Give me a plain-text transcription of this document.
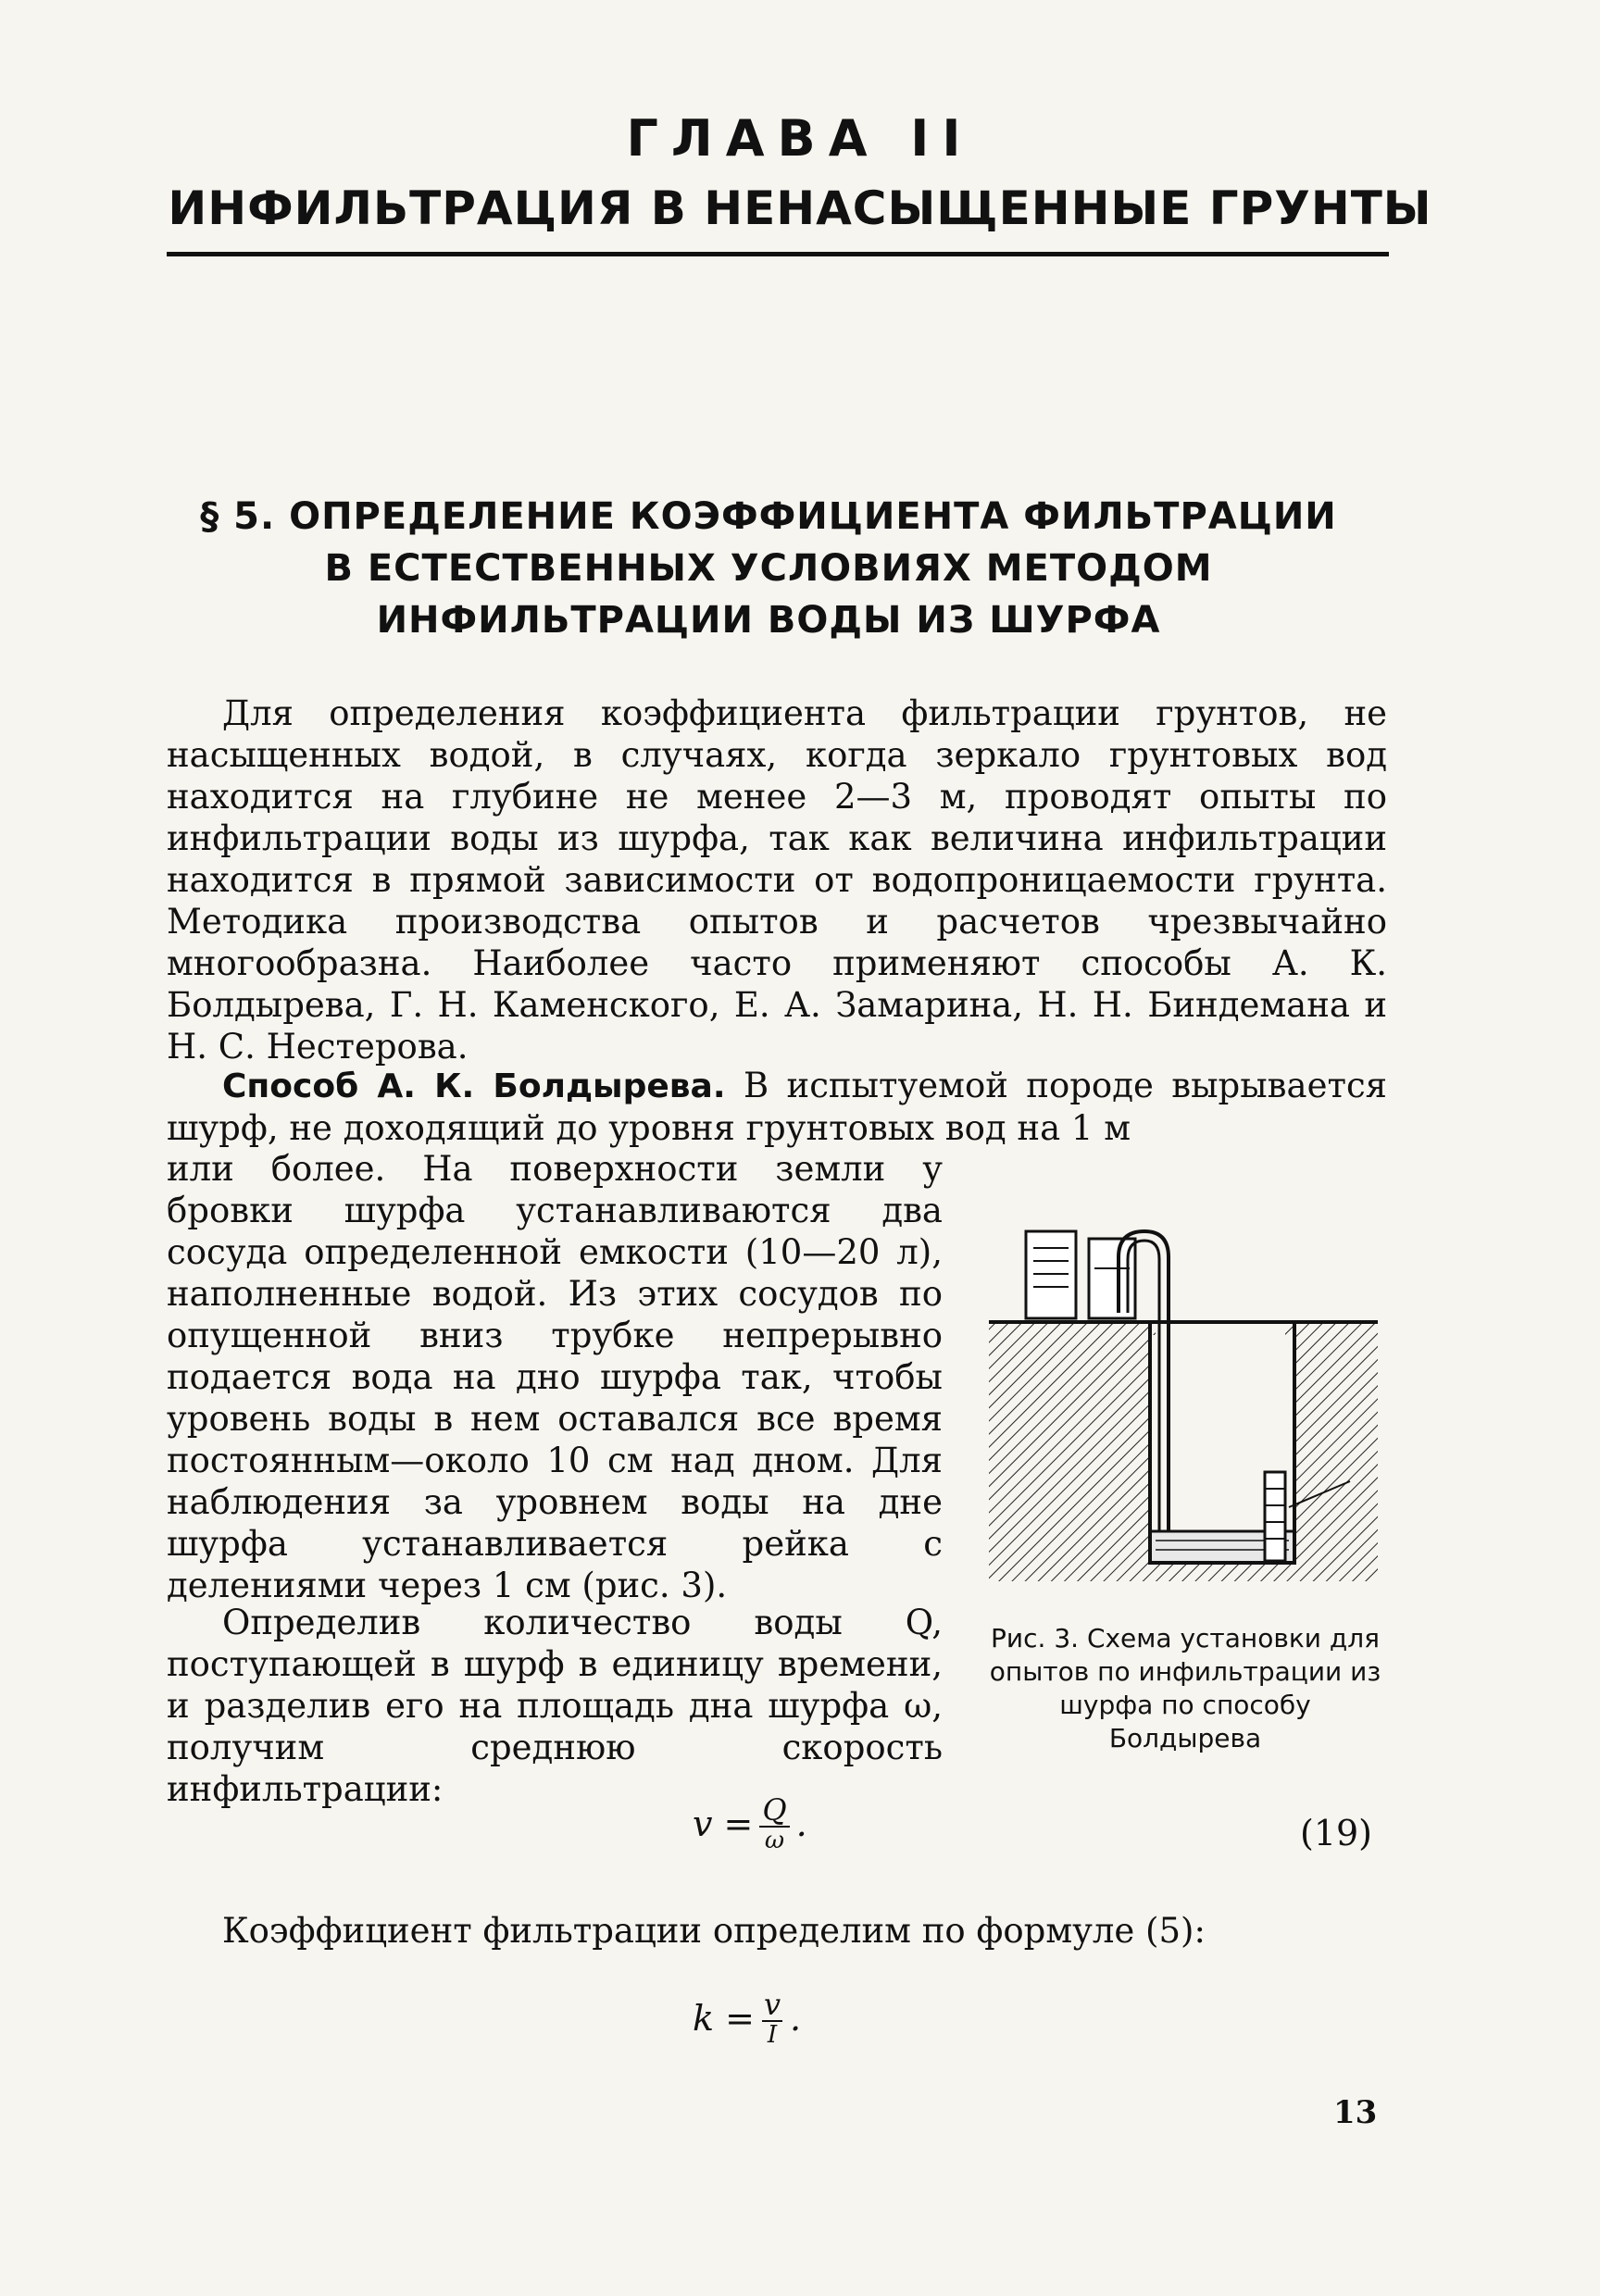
ГЛАВА II
ИНФИЛЬТРАЦИЯ В НЕНАСЫЩЕННЫЕ ГРУНТЫ
§ 5. ОПРЕДЕЛЕНИЕ КОЭФФИЦИЕНТА ФИЛЬТРАЦИИ
В ЕСТЕСТВЕННЫХ УСЛОВИЯХ МЕТОДОМ
ИНФИЛЬТРАЦИИ ВОДЫ ИЗ ШУРФА
Для определения коэффициента фильтрации грунтов, не насыщенных водой, в случаях, когда зеркало грунтовых вод находится на глубине не менее 2—3 м, проводят опыты по инфильтрации воды из шурфа, так как величина инфильтрации находится в прямой зависимости от водопроницаемости грунта. Методика производства опытов и расчетов чрезвычайно многообразна. Наиболее часто применяют способы А. К. Болдырева, Г. Н. Каменского, Е. А. Замарина, Н. Н. Биндемана и Н. С. Нестерова.
Способ А. К. Болдырева. В испытуемой породе вырывается шурф, не доходящий до уровня грунтовых вод на 1 м
или более. На поверхности земли у бровки шурфа устанавливаются два сосуда определенной емкости (10—20 л), наполненные водой. Из этих сосудов по опущенной вниз трубке непрерывно подается вода на дно шурфа так, чтобы уровень воды в нем оставался все время постоянным—около 10 см над дном. Для наблюдения за уровнем воды на дне шурфа устанавливается рейка с делениями через 1 см (рис. 3).
Рис. 3. Схема установки для опытов по инфильтрации из шурфа по способу Болдырева
Определив количество воды Q, поступающей в шурф в единицу времени, и разделив его на площадь дна шурфа ω, получим среднюю скорость инфильтрации:
$v = \frac{Q}{\omega}$ .	(19)
Коэффициент фильтрации определим по формуле (5):
$k = \frac{v}{I}$ .
13
